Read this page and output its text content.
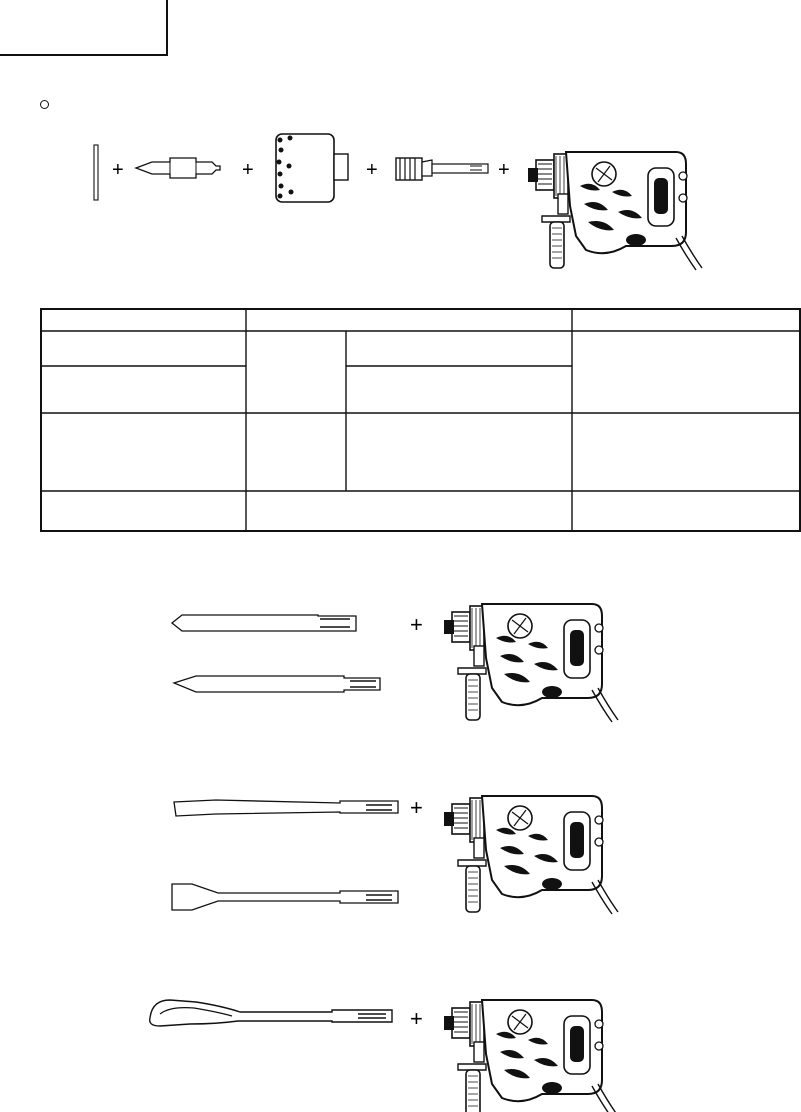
+	+	+	+
+
+
+
